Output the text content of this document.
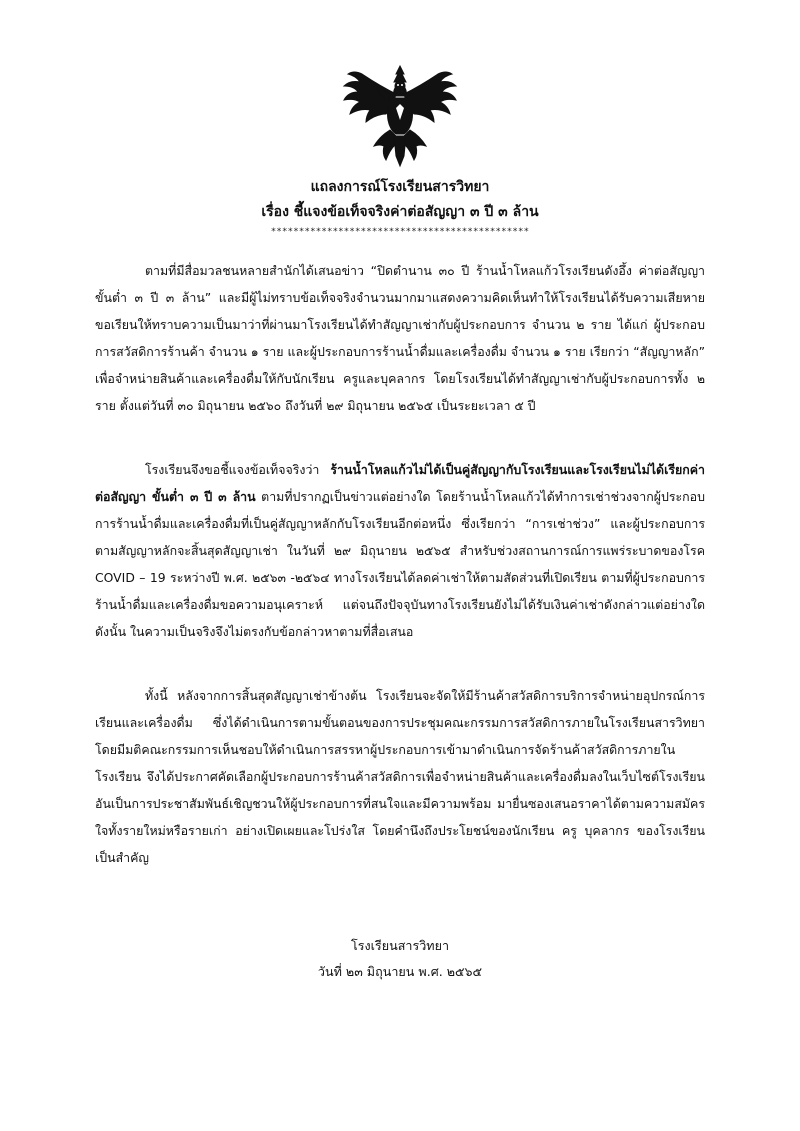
แถลงการณ์โรงเรียนสารวิทยา
เรื่อง ชี้แจงข้อเท็จจริงค่าต่อสัญญา ๓ ปี ๓ ล้าน
**********************************************

ตามที่มีสื่อมวลชนหลายสำนักได้เสนอข่าว “ปิดตำนาน ๓๐ ปี ร้านน้ำโหลแก้วโรงเรียนดังอึ้ง ค่าต่อสัญญา ขั้นต่ำ ๓ ปี ๓ ล้าน” และมีผู้ไม่ทราบข้อเท็จจริงจำนวนมากมาแสดงความคิดเห็นทำให้โรงเรียนได้รับความเสียหาย ขอเรียนให้ทราบความเป็นมาว่าที่ผ่านมาโรงเรียนได้ทำสัญญาเช่ากับผู้ประกอบการ จำนวน ๒ ราย ได้แก่ ผู้ประกอบการสวัสดิการร้านค้า จำนวน ๑ ราย และผู้ประกอบการร้านน้ำดื่มและเครื่องดื่ม จำนวน ๑ ราย เรียกว่า “สัญญาหลัก” เพื่อจำหน่ายสินค้าและเครื่องดื่มให้กับนักเรียน ครูและบุคลากร โดยโรงเรียนได้ทำสัญญาเช่ากับผู้ประกอบการทั้ง ๒ ราย ตั้งแต่วันที่ ๓๐ มิถุนายน ๒๕๖๐ ถึงวันที่ ๒๙ มิถุนายน ๒๕๖๕ เป็นระยะเวลา ๕ ปี

โรงเรียนจึงขอชี้แจงข้อเท็จจริงว่า ร้านน้ำโหลแก้วไม่ได้เป็นคู่สัญญากับโรงเรียนและโรงเรียนไม่ได้เรียกค่าต่อสัญญา ขั้นต่ำ ๓ ปี ๓ ล้าน ตามที่ปรากฏเป็นข่าวแต่อย่างใด โดยร้านน้ำโหลแก้วได้ทำการเช่าช่วงจากผู้ประกอบการร้านน้ำดื่มและเครื่องดื่มที่เป็นคู่สัญญาหลักกับโรงเรียนอีกต่อหนึ่ง ซึ่งเรียกว่า “การเช่าช่วง” และผู้ประกอบการตามสัญญาหลักจะสิ้นสุดสัญญาเช่า ในวันที่ ๒๙ มิถุนายน ๒๕๖๕ สำหรับช่วงสถานการณ์การแพร่ระบาดของโรค COVID – 19 ระหว่างปี พ.ศ. ๒๕๖๓ -๒๕๖๔ ทางโรงเรียนได้ลดค่าเช่าให้ตามสัดส่วนที่เปิดเรียน ตามที่ผู้ประกอบการร้านน้ำดื่มและเครื่องดื่มขอความอนุเคราะห์ แต่จนถึงปัจจุบันทางโรงเรียนยังไม่ได้รับเงินค่าเช่าดังกล่าวแต่อย่างใด ดังนั้น ในความเป็นจริงจึงไม่ตรงกับข้อกล่าวหาตามที่สื่อเสนอ

ทั้งนี้ หลังจากการสิ้นสุดสัญญาเช่าข้างต้น โรงเรียนจะจัดให้มีร้านค้าสวัสดิการบริการจำหน่ายอุปกรณ์การเรียนและเครื่องดื่ม ซึ่งได้ดำเนินการตามขั้นตอนของการประชุมคณะกรรมการสวัสดิการภายในโรงเรียนสารวิทยา โดยมีมติคณะกรรมการเห็นชอบให้ดำเนินการสรรหาผู้ประกอบการเข้ามาดำเนินการจัดร้านค้าสวัสดิการภายในโรงเรียน จึงได้ประกาศคัดเลือกผู้ประกอบการร้านค้าสวัสดิการเพื่อจำหน่ายสินค้าและเครื่องดื่มลงในเว็บไซต์โรงเรียน อันเป็นการประชาสัมพันธ์เชิญชวนให้ผู้ประกอบการที่สนใจและมีความพร้อม มายื่นซองเสนอราคาได้ตามความสมัครใจทั้งรายใหม่หรือรายเก่า อย่างเปิดเผยและโปร่งใส โดยคำนึงถึงประโยชน์ของนักเรียน ครู บุคลากร ของโรงเรียนเป็นสำคัญ

โรงเรียนสารวิทยา
วันที่ ๒๓ มิถุนายน พ.ศ. ๒๕๖๕
